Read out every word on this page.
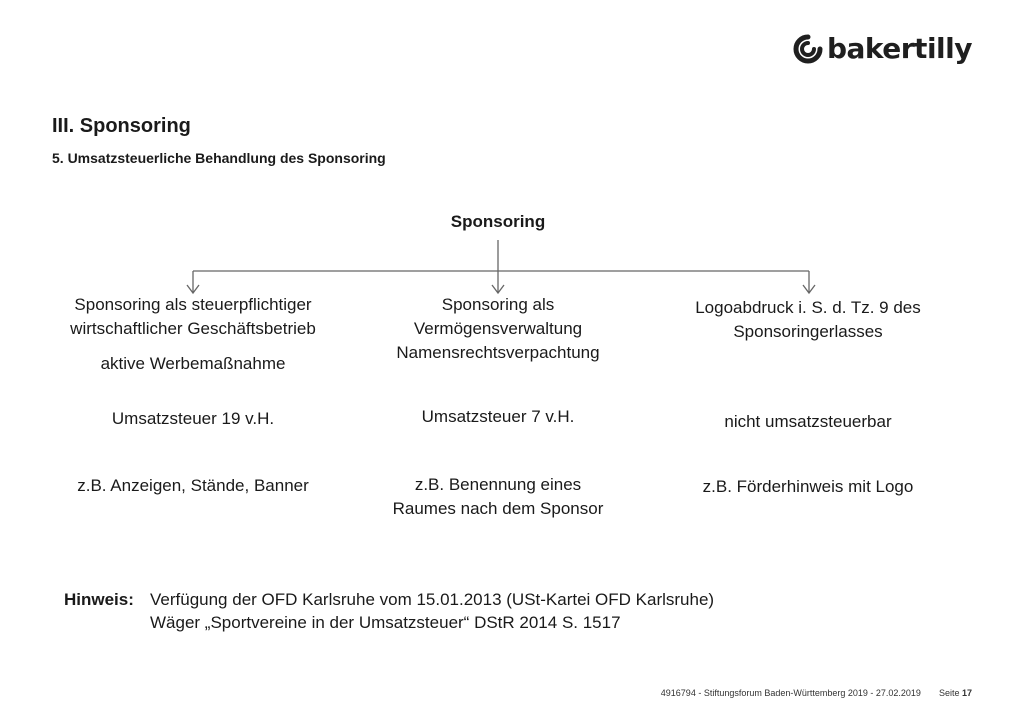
bakertilly
III. Sponsoring
5. Umsatzsteuerliche Behandlung des Sponsoring
Sponsoring
Sponsoring als steuerpflichtiger
wirtschaftlicher Geschäftsbetrieb
aktive Werbemaßnahme
Umsatzsteuer 19 v.H.
z.B. Anzeigen, Stände, Banner
Sponsoring als
Vermögensverwaltung
Namensrechtsverpachtung
Umsatzsteuer 7 v.H.
z.B. Benennung eines
Raumes nach dem Sponsor
Logoabdruck i. S. d. Tz. 9 des
Sponsoringerlasses
nicht umsatzsteuerbar
z.B. Förderhinweis mit Logo
Hinweis: Verfügung der OFD Karlsruhe vom 15.01.2013 (USt-Kartei OFD Karlsruhe)
Wäger „Sportvereine in der Umsatzsteuer“ DStR 2014 S. 1517
4916794 - Stiftungsforum Baden-Württemberg 2019 - 27.02.2019 Seite 17
